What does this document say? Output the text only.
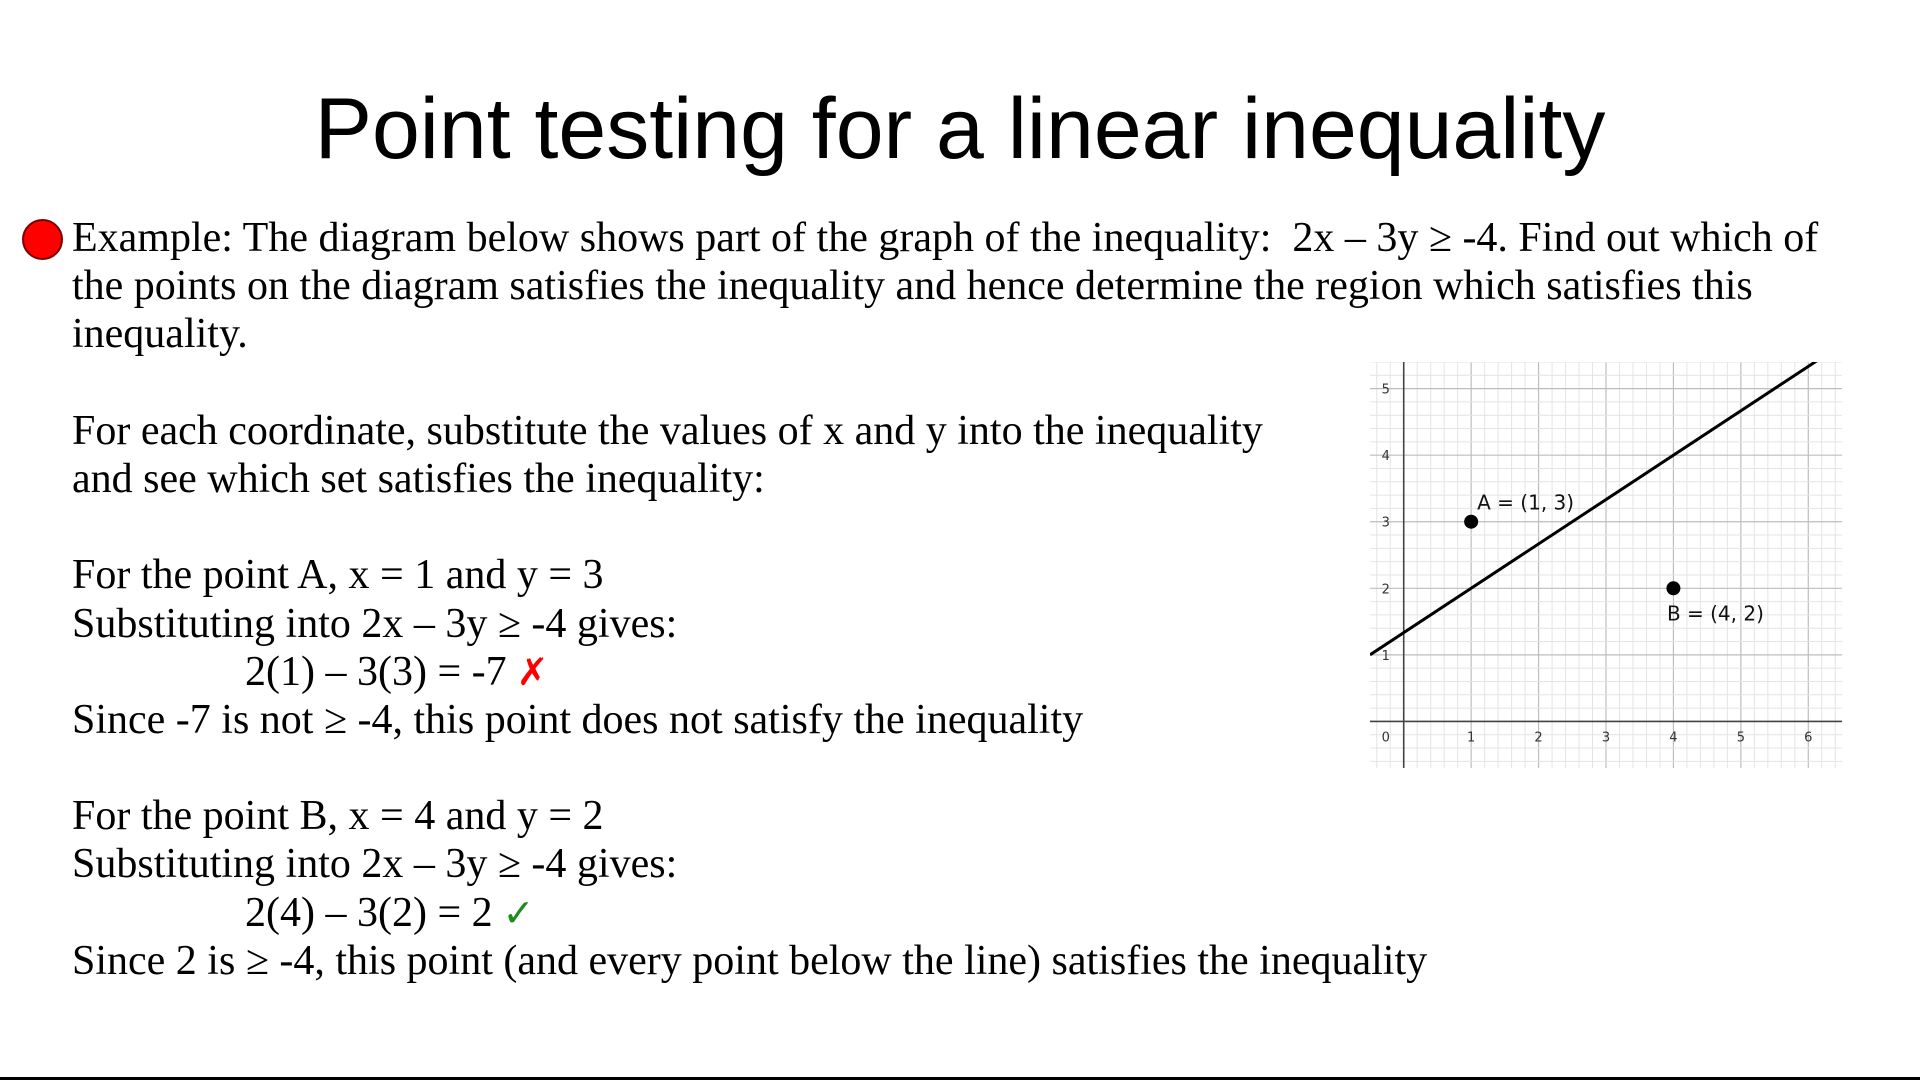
Point testing for a linear inequality
Example: The diagram below shows part of the graph of the inequality:  2x – 3y ≥ -4. Find out which of
the points on the diagram satisfies the inequality and hence determine the region which satisfies this
inequality.
For each coordinate, substitute the values of x and y into the inequality
and see which set satisfies the inequality:
For the point A, x = 1 and y = 3
Substituting into 2x – 3y ≥ -4 gives:
2(1) – 3(3) = -7 ✗
Since -7 is not ≥ -4, this point does not satisfy the inequality
For the point B, x = 4 and y = 2
Substituting into 2x – 3y ≥ -4 gives:
2(4) – 3(2) = 2 ✓
Since 2 is ≥ -4, this point (and every point below the line) satisfies the inequality
0	1	2	3	4	5	6
1
2
3
4
5
A = (1, 3)
B = (4, 2)
